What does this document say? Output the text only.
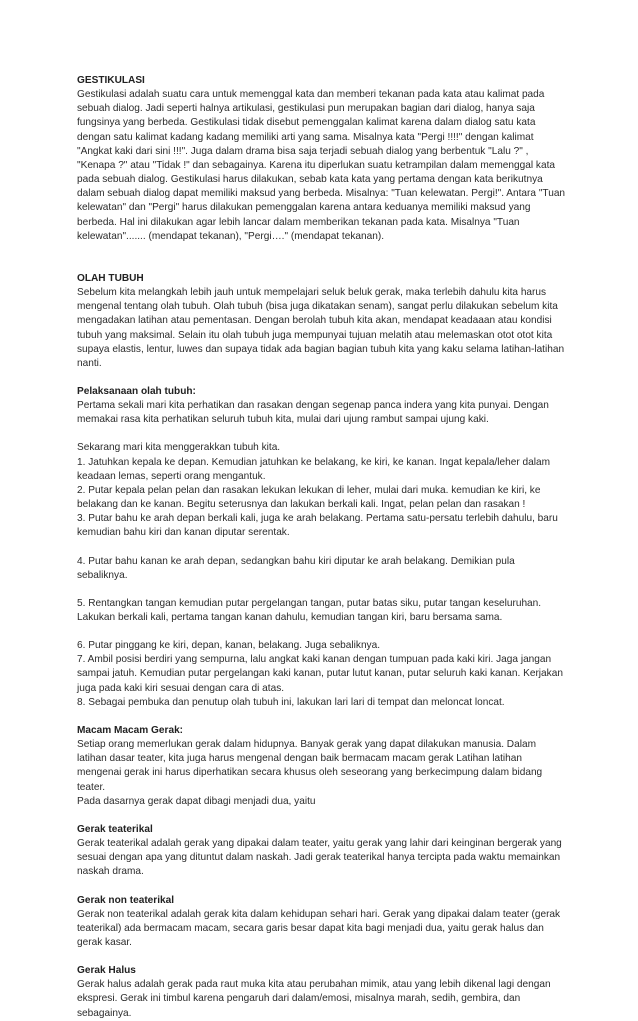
GESTIKULASI
Gestikulasi adalah suatu cara untuk memenggal kata dan memberi tekanan pada kata atau kalimat pada sebuah dialog. Jadi seperti halnya artikulasi, gestikulasi pun merupakan bagian dari dialog, hanya saja fungsinya yang berbeda. Gestikulasi tidak disebut pemenggalan kalimat karena dalam dialog satu kata dengan satu kalimat kadang kadang memiliki arti yang sama. Misalnya kata "Pergi !!!!" dengan kalimat "Angkat kaki dari sini !!!". Juga dalam drama bisa saja terjadi sebuah dialog yang berbentuk "Lalu ?" , "Kenapa ?" atau "Tidak !" dan sebagainya. Karena itu diperlukan suatu ketrampilan dalam memenggal kata pada sebuah dialog. Gestikulasi harus dilakukan, sebab kata kata yang pertama dengan kata berikutnya dalam sebuah dialog dapat memiliki maksud yang berbeda. Misalnya: "Tuan kelewatan. Pergi!". Antara "Tuan kelewatan" dan "Pergi" harus dilakukan pemenggalan karena antara keduanya memiliki maksud yang berbeda. Hal ini dilakukan agar lebih lancar dalam memberikan tekanan pada kata. Misalnya "Tuan kelewatan"....... (mendapat tekanan), "Pergi…." (mendapat tekanan).
OLAH TUBUH
Sebelum kita melangkah lebih jauh untuk mempelajari seluk beluk gerak, maka terlebih dahulu kita harus mengenal tentang olah tubuh. Olah tubuh (bisa juga dikatakan senam), sangat perlu dilakukan sebelum kita mengadakan latihan atau pementasan. Dengan berolah tubuh kita akan, mendapat keadaaan atau kondisi tubuh yang maksimal. Selain itu olah tubuh juga mempunyai tujuan melatih atau melemaskan otot otot kita supaya elastis, lentur, luwes dan supaya tidak ada bagian bagian tubuh kita yang kaku selama latihan-latihan nanti.
Pelaksanaan olah tubuh:
Pertama sekali mari kita perhatikan dan rasakan dengan segenap panca indera yang kita punyai. Dengan memakai rasa kita perhatikan seluruh tubuh kita, mulai dari ujung rambut sampai ujung kaki.
Sekarang mari kita menggerakkan tubuh kita.
1. Jatuhkan kepala ke depan. Kemudian jatuhkan ke belakang, ke kiri, ke kanan. Ingat kepala/leher dalam keadaan lemas, seperti orang mengantuk.
2. Putar kepala pelan pelan dan rasakan lekukan lekukan di leher, mulai dari muka. kemudian ke kiri, ke belakang dan ke kanan. Begitu seterusnya dan lakukan berkali kali. Ingat, pelan pelan dan rasakan !
3. Putar bahu ke arah depan berkali kali, juga ke arah belakang. Pertama satu-persatu terlebih dahulu, baru kemudian bahu kiri dan kanan diputar serentak.
4. Putar bahu kanan ke arah depan, sedangkan bahu kiri diputar ke arah belakang. Demikian pula sebaliknya.
5. Rentangkan tangan kemudian putar pergelangan tangan, putar batas siku, putar tangan keseluruhan. Lakukan berkali kali, pertama tangan kanan dahulu, kemudian tangan kiri, baru bersama sama.
6. Putar pinggang ke kiri, depan, kanan, belakang. Juga sebaliknya.
7. Ambil posisi berdiri yang sempurna, lalu angkat kaki kanan dengan tumpuan pada kaki kiri. Jaga jangan sampai jatuh. Kemudian putar pergelangan kaki kanan, putar lutut kanan, putar seluruh kaki kanan. Kerjakan juga pada kaki kiri sesuai dengan cara di atas.
8. Sebagai pembuka dan penutup olah tubuh ini, lakukan lari lari di tempat dan meloncat loncat.
Macam Macam Gerak:
Setiap orang memerlukan gerak dalam hidupnya. Banyak gerak yang dapat dilakukan manusia. Dalam latihan dasar teater, kita juga harus mengenal dengan baik bermacam macam gerak Latihan latihan mengenai gerak ini harus diperhatikan secara khusus oleh seseorang yang berkecimpung dalam bidang teater.
Pada dasarnya gerak dapat dibagi menjadi dua, yaitu
Gerak teaterikal
Gerak teaterikal adalah gerak yang dipakai dalam teater, yaitu gerak yang lahir dari keinginan bergerak yang sesuai dengan apa yang dituntut dalam naskah. Jadi gerak teaterikal hanya tercipta pada waktu memainkan naskah drama.
Gerak non teaterikal
Gerak non teaterikal adalah gerak kita dalam kehidupan sehari hari. Gerak yang dipakai dalam teater (gerak teaterikal) ada bermacam macam, secara garis besar dapat kita bagi menjadi dua, yaitu gerak halus dan gerak kasar.
Gerak Halus
Gerak halus adalah gerak pada raut muka kita atau perubahan mimik, atau yang lebih dikenal lagi dengan ekspresi. Gerak ini timbul karena pengaruh dari dalam/emosi, misalnya marah, sedih, gembira, dan sebagainya.
